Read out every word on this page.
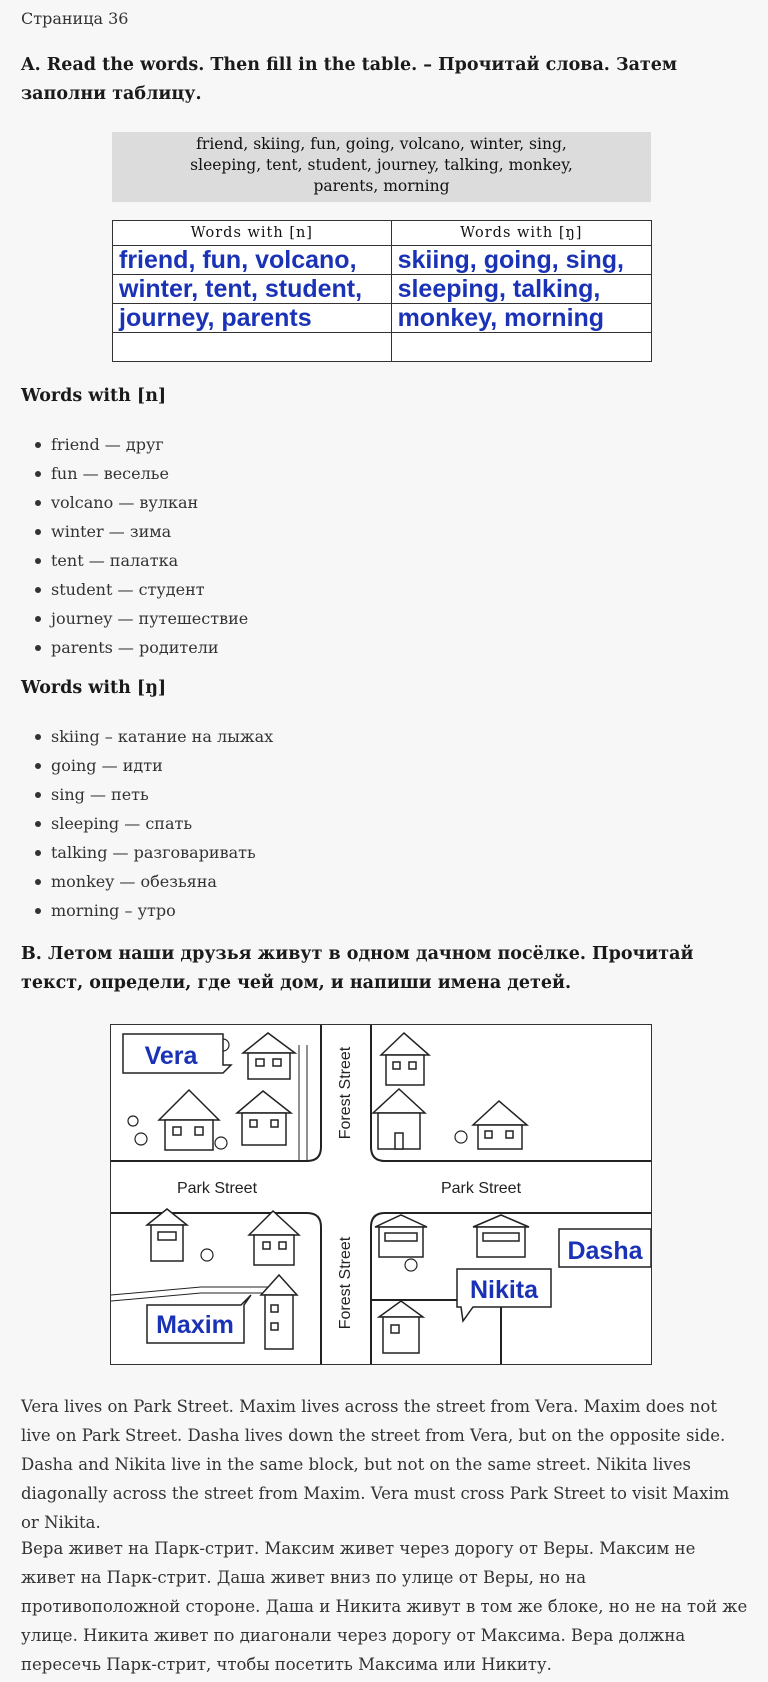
Страница 36
A. Read the words. Then fill in the table. – Прочитай слова. Затем заполни таблицу.
friend, skiing, fun, going, volcano, winter, sing,
sleeping, tent, student, journey, talking, monkey,
parents, morning
Words with [n]	Words with [ŋ]
friend, fun, volcano,	skiing, going, sing,
winter, tent, student,	sleeping, talking,
journey, parents	monkey, morning

Words with [n]
friend — друг
fun — веселье
volcano — вулкан
winter — зима
tent — палатка
student — студент
journey — путешествие
parents — родители
Words with [ŋ]
skiing – катание на лыжах
going — идти
sing — петь
sleeping — спать
talking — разговаривать
monkey — обезьяна
morning – утро
B. Летом наши друзья живут в одном дачном посёлке. Прочитай текст, определи, где чей дом, и напиши имена детей.
Forest Street
Forest Street
Park Street	Park Street
Vera
Maxim
Dasha
Nikita
Vera lives on Park Street. Maxim lives across the street from Vera. Maxim does not live on Park Street. Dasha lives down the street from Vera, but on the opposite side. Dasha and Nikita live in the same block, but not on the same street. Nikita lives diagonally across the street from Maxim. Vera must cross Park Street to visit Maxim or Nikita.
Вера живет на Парк-стрит. Максим живет через дорогу от Веры. Максим не живет на Парк-стрит. Даша живет вниз по улице от Веры, но на противоположной стороне. Даша и Никита живут в том же блоке, но не на той же улице. Никита живет по диагонали через дорогу от Максима. Вера должна пересечь Парк-стрит, чтобы посетить Максима или Никиту.
